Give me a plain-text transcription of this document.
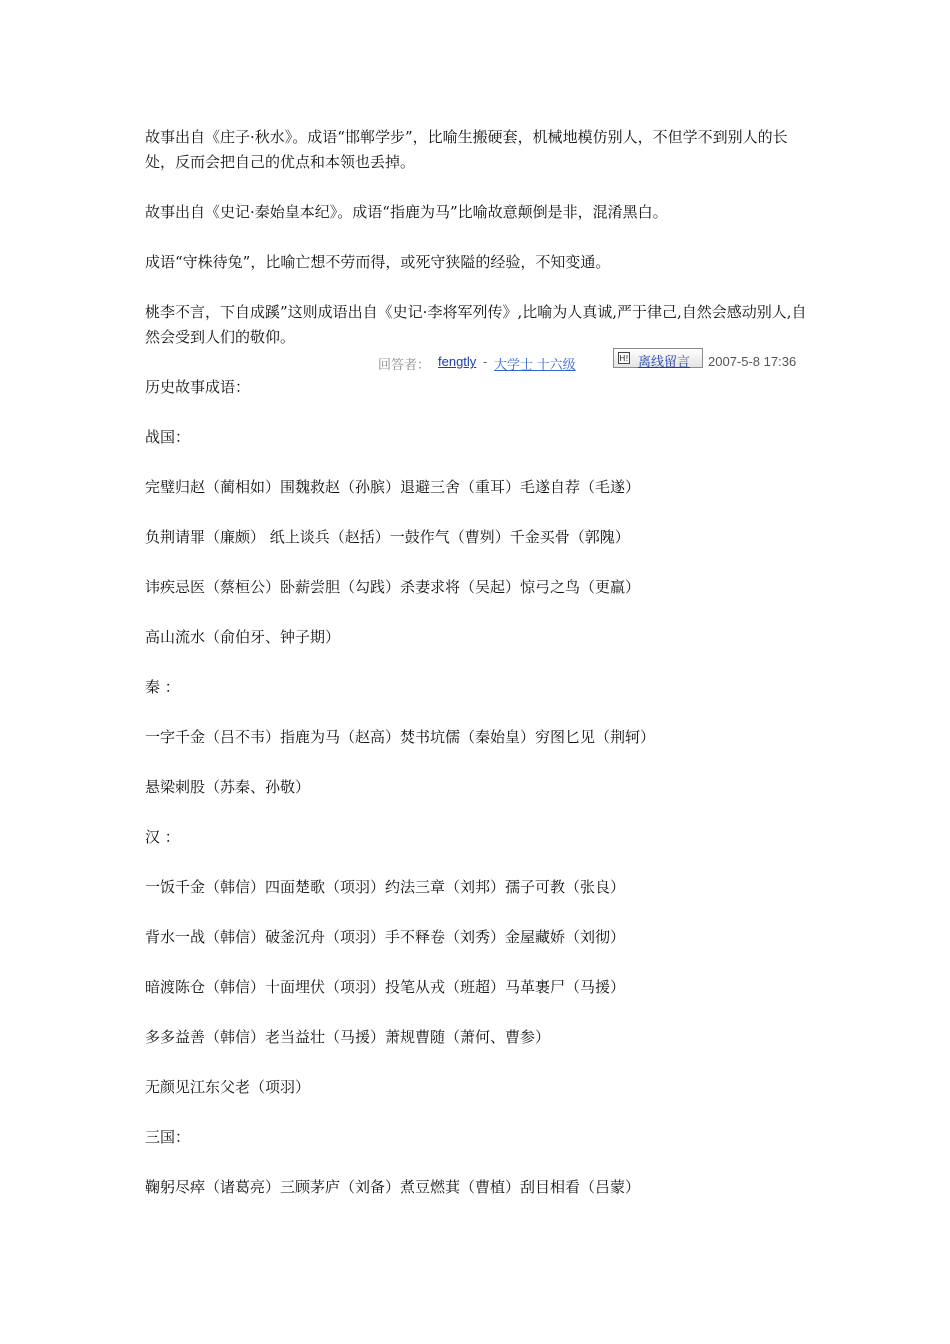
故事出自《庄子·秋水》。成语“邯郸学步”，比喻生搬硬套，机械地模仿别人，不但学不到别人的长处，反而会把自己的优点和本领也丢掉。

故事出自《史记·秦始皇本纪》。成语“指鹿为马”比喻故意颠倒是非，混淆黑白。

成语“守株待兔”，比喻亡想不劳而得，或死守狭隘的经验，不知变通。

桃李不言，下自成蹊”这则成语出自《史记·李将军列传》,比喻为人真诚,严于律己,自然会感动别人,自然会受到人们的敬仰。

回答者： fengtly - 大学士 十六级	H! 离线留言 2007-5-8 17:36

历史故事成语：

战国：

完璧归赵（蔺相如）围魏救赵（孙膑）退避三舍（重耳）毛遂自荐（毛遂）

负荆请罪（廉颇） 纸上谈兵（赵括）一鼓作气（曹刿）千金买骨（郭隗）

讳疾忌医（蔡桓公）卧薪尝胆（勾践）杀妻求将（吴起）惊弓之鸟（更羸）

高山流水（俞伯牙、钟子期）

秦 ：

一字千金（吕不韦）指鹿为马（赵高）焚书坑儒（秦始皇）穷图匕见（荆轲）

悬梁刺股（苏秦、孙敬）

汉 ：

一饭千金（韩信）四面楚歌（项羽）约法三章（刘邦）孺子可教（张良）

背水一战（韩信）破釜沉舟（项羽）手不释卷（刘秀）金屋藏娇（刘彻）

暗渡陈仓（韩信）十面埋伏（项羽）投笔从戎（班超）马革裹尸（马援）

多多益善（韩信）老当益壮（马援）萧规曹随（萧何、曹参）

无颜见江东父老（项羽）

三国：

鞠躬尽瘁（诸葛亮）三顾茅庐（刘备）煮豆燃萁（曹植）刮目相看（吕蒙）
